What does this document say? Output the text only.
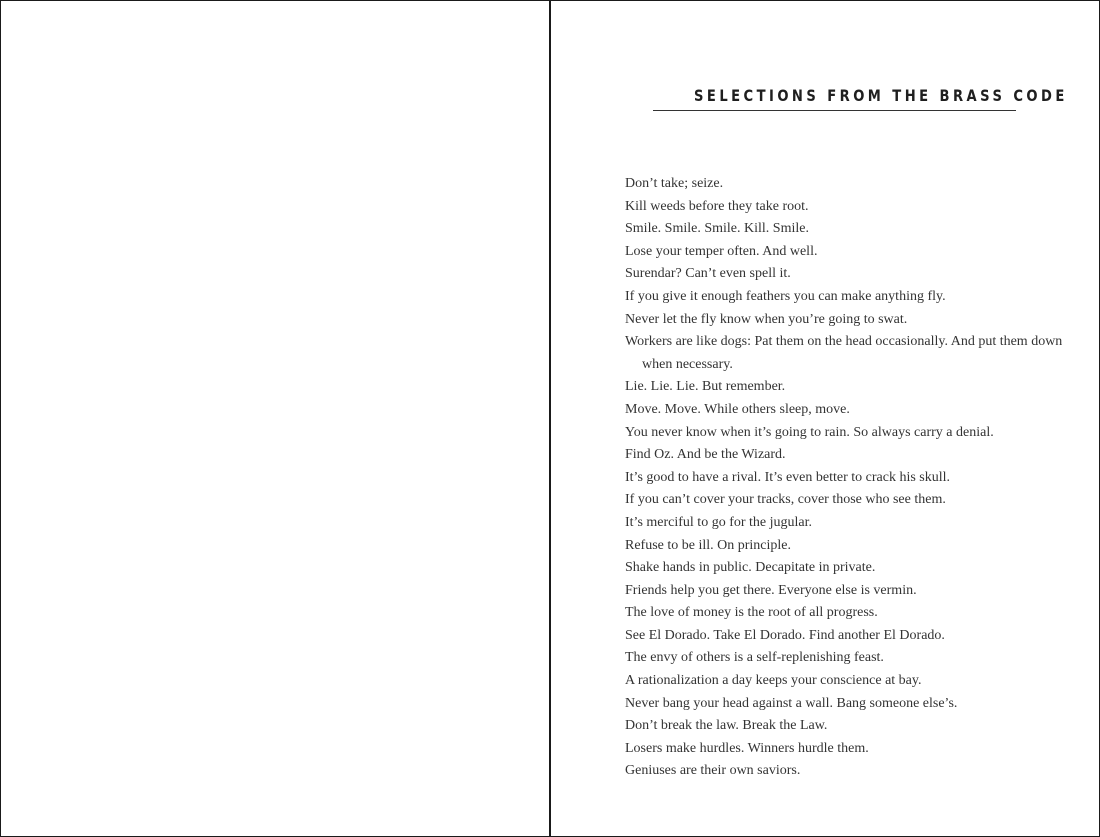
SELECTIONS FROM THE BRASS CODE
Don’t take; seize.
Kill weeds before they take root.
Smile. Smile. Smile. Kill. Smile.
Lose your temper often. And well.
Surendar? Can’t even spell it.
If you give it enough feathers you can make anything fly.
Never let the fly know when you’re going to swat.
Workers are like dogs: Pat them on the head occasionally. And put them down when necessary.
Lie. Lie. Lie. But remember.
Move. Move. While others sleep, move.
You never know when it’s going to rain. So always carry a denial.
Find Oz. And be the Wizard.
It’s good to have a rival. It’s even better to crack his skull.
If you can’t cover your tracks, cover those who see them.
It’s merciful to go for the jugular.
Refuse to be ill. On principle.
Shake hands in public. Decapitate in private.
Friends help you get there. Everyone else is vermin.
The love of money is the root of all progress.
See El Dorado. Take El Dorado. Find another El Dorado.
The envy of others is a self-replenishing feast.
A rationalization a day keeps your conscience at bay.
Never bang your head against a wall. Bang someone else’s.
Don’t break the law. Break the Law.
Losers make hurdles. Winners hurdle them.
Geniuses are their own saviors.
